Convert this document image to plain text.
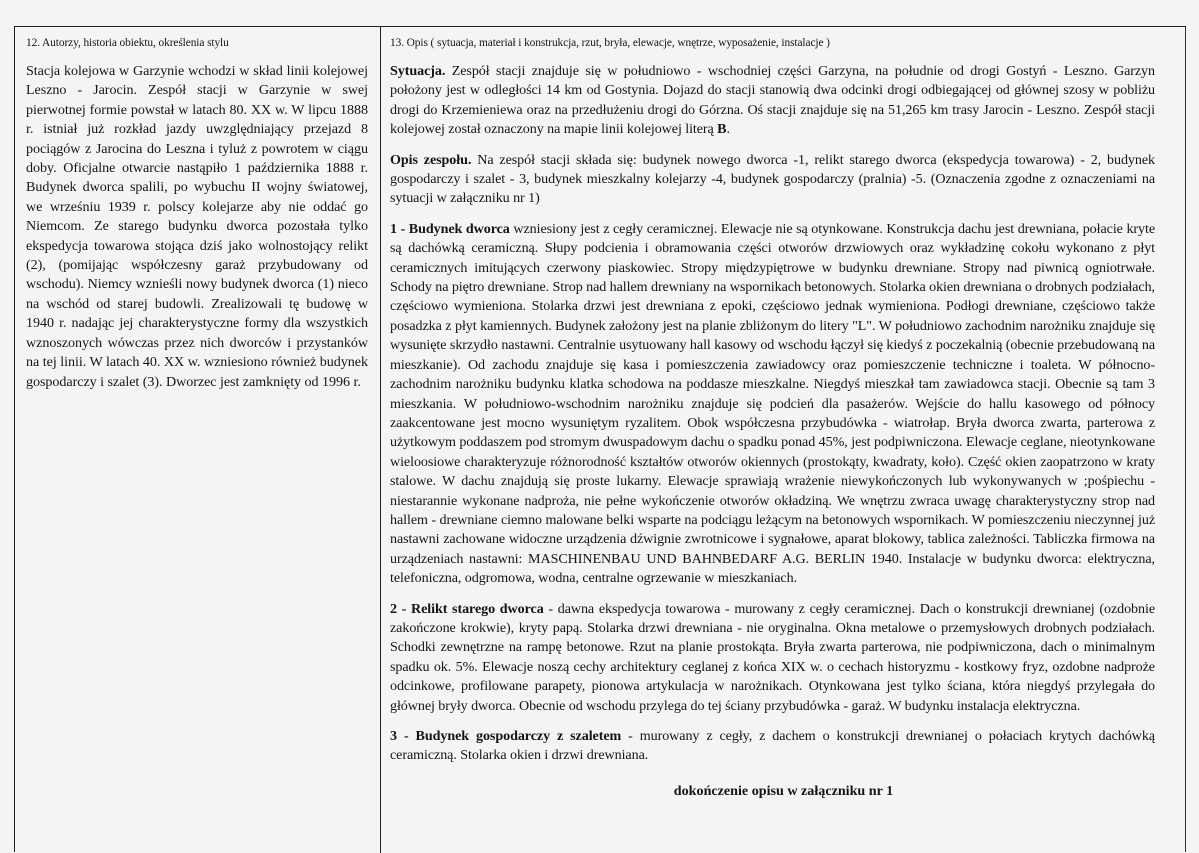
12. Autorzy, historia obiektu, określenia stylu

Stacja kolejowa w Garzynie wchodzi w skład linii kolejowej Leszno - Jarocin. Zespół stacji w Garzynie w swej pierwotnej formie powstał w latach 80. XX w. W lipcu 1888 r. istniał już rozkład jazdy uwzględniający przejazd 8 pociągów z Jarocina do Leszna i tyluż z powrotem w ciągu doby. Oficjalne otwarcie nastąpiło 1 października 1888 r. Budynek dworca spalili, po wybuchu II wojny światowej, we wrześniu 1939 r. polscy kolejarze aby nie oddać go Niemcom. Ze starego budynku dworca pozostała tylko ekspedycja towarowa stojąca dziś jako wolnostojący relikt (2), (pomijając współczesny garaż przybudowany od wschodu). Niemcy wznieśli nowy budynek dworca (1) nieco na wschód od starej budowli. Zrealizowali tę budowę w 1940 r. nadając jej charakterystyczne formy dla wszystkich wznoszonych wówczas przez nich dworców i przystanków na tej linii. W latach 40. XX w. wzniesiono również budynek gospodarczy i szalet (3). Dworzec jest zamknięty od 1996 r.

13. Opis ( sytuacja, materiał i konstrukcja, rzut, bryła, elewacje, wnętrze, wyposażenie, instalacje )

Sytuacja. Zespół stacji znajduje się w południowo - wschodniej części Garzyna, na południe od drogi Gostyń - Leszno. Garzyn położony jest w odległości 14 km od Gostynia. Dojazd do stacji stanowią dwa odcinki drogi odbiegającej od głównej szosy w pobliżu drogi do Krzemieniewa oraz na przedłużeniu drogi do Górzna. Oś stacji znajduje się na 51,265 km trasy Jarocin - Leszno. Zespół stacji kolejowej został oznaczony na mapie linii kolejowej literą B.

Opis zespołu. Na zespół stacji składa się: budynek nowego dworca -1, relikt starego dworca (ekspedycja towarowa) - 2, budynek gospodarczy i szalet - 3, budynek mieszkalny kolejarzy -4, budynek gospodarczy (pralnia) -5. (Oznaczenia zgodne z oznaczeniami na sytuacji w załączniku nr 1)

1 - Budynek dworca wzniesiony jest z cegły ceramicznej. Elewacje nie są otynkowane. Konstrukcja dachu jest drewniana, połacie kryte są dachówką ceramiczną. Słupy podcienia i obramowania części otworów drzwiowych oraz wykładzinę cokołu wykonano z płyt ceramicznych imitujących czerwony piaskowiec. Stropy międzypiętrowe w budynku drewniane. Stropy nad piwnicą ogniotrwałe. Schody na piętro drewniane. Strop nad hallem drewniany na wspornikach betonowych. Stolarka okien drewniana o drobnych podziałach, częściowo wymieniona. Stolarka drzwi jest drewniana z epoki, częściowo jednak wymieniona. Podłogi drewniane, częściowo także posadzka z płyt kamiennych. Budynek założony jest na planie zbliżonym do litery "L". W południowo zachodnim narożniku znajduje się wysunięte skrzydło nastawni. Centralnie usytuowany hall kasowy od wschodu łączył się kiedyś z poczekalnią (obecnie przebudowaną na mieszkanie). Od zachodu znajduje się kasa i pomieszczenia zawiadowcy oraz pomieszczenie techniczne i toaleta. W północno-zachodnim narożniku budynku klatka schodowa na poddasze mieszkalne. Niegdyś mieszkał tam zawiadowca stacji. Obecnie są tam 3 mieszkania. W południowo-wschodnim narożniku znajduje się podcień dla pasażerów. Wejście do hallu kasowego od północy zaakcentowane jest mocno wysuniętym ryzalitem. Obok współczesna przybudówka - wiatrołap. Bryła dworca zwarta, parterowa z użytkowym poddaszem pod stromym dwuspadowym dachu o spadku ponad 45%, jest podpiwniczona. Elewacje ceglane, nieotynkowane wieloosiowe charakteryzuje różnorodność kształtów otworów okiennych (prostokąty, kwadraty, koło). Część okien zaopatrzono w kraty stalowe. W dachu znajdują się proste lukarny. Elewacje sprawiają wrażenie niewykończonych lub wykonywanych w ;pośpiechu - niestarannie wykonane nadproża, nie pełne wykończenie otworów okładziną. We wnętrzu zwraca uwagę charakterystyczny strop nad hallem - drewniane ciemno malowane belki wsparte na podciągu leżącym na betonowych wspornikach. W pomieszczeniu nieczynnej już nastawni zachowane widoczne urządzenia dźwignie zwrotnicowe i sygnałowe, aparat blokowy, tablica zależności. Tabliczka firmowa na urządzeniach nastawni: MASCHINENBAU UND BAHNBEDARF A.G. BERLIN 1940. Instalacje w budynku dworca: elektryczna, telefoniczna, odgromowa, wodna, centralne ogrzewanie w mieszkaniach.

2 - Relikt starego dworca - dawna ekspedycja towarowa - murowany z cegły ceramicznej. Dach o konstrukcji drewnianej (ozdobnie zakończone krokwie), kryty papą. Stolarka drzwi drewniana - nie oryginalna. Okna metalowe o przemysłowych drobnych podziałach. Schodki zewnętrzne na rampę betonowe. Rzut na planie prostokąta. Bryła zwarta parterowa, nie podpiwniczona, dach o minimalnym spadku ok. 5%. Elewacje noszą cechy architektury ceglanej z końca XIX w. o cechach historyzmu - kostkowy fryz, ozdobne nadproże odcinkowe, profilowane parapety, pionowa artykulacja w narożnikach. Otynkowana jest tylko ściana, która niegdyś przylegała do głównej bryły dworca. Obecnie od wschodu przylega do tej ściany przybudówka - garaż. W budynku instalacja elektryczna.

3 - Budynek gospodarczy z szaletem - murowany z cegły, z dachem o konstrukcji drewnianej o połaciach krytych dachówką ceramiczną. Stolarka okien i drzwi drewniana.

dokończenie opisu w załączniku nr 1
